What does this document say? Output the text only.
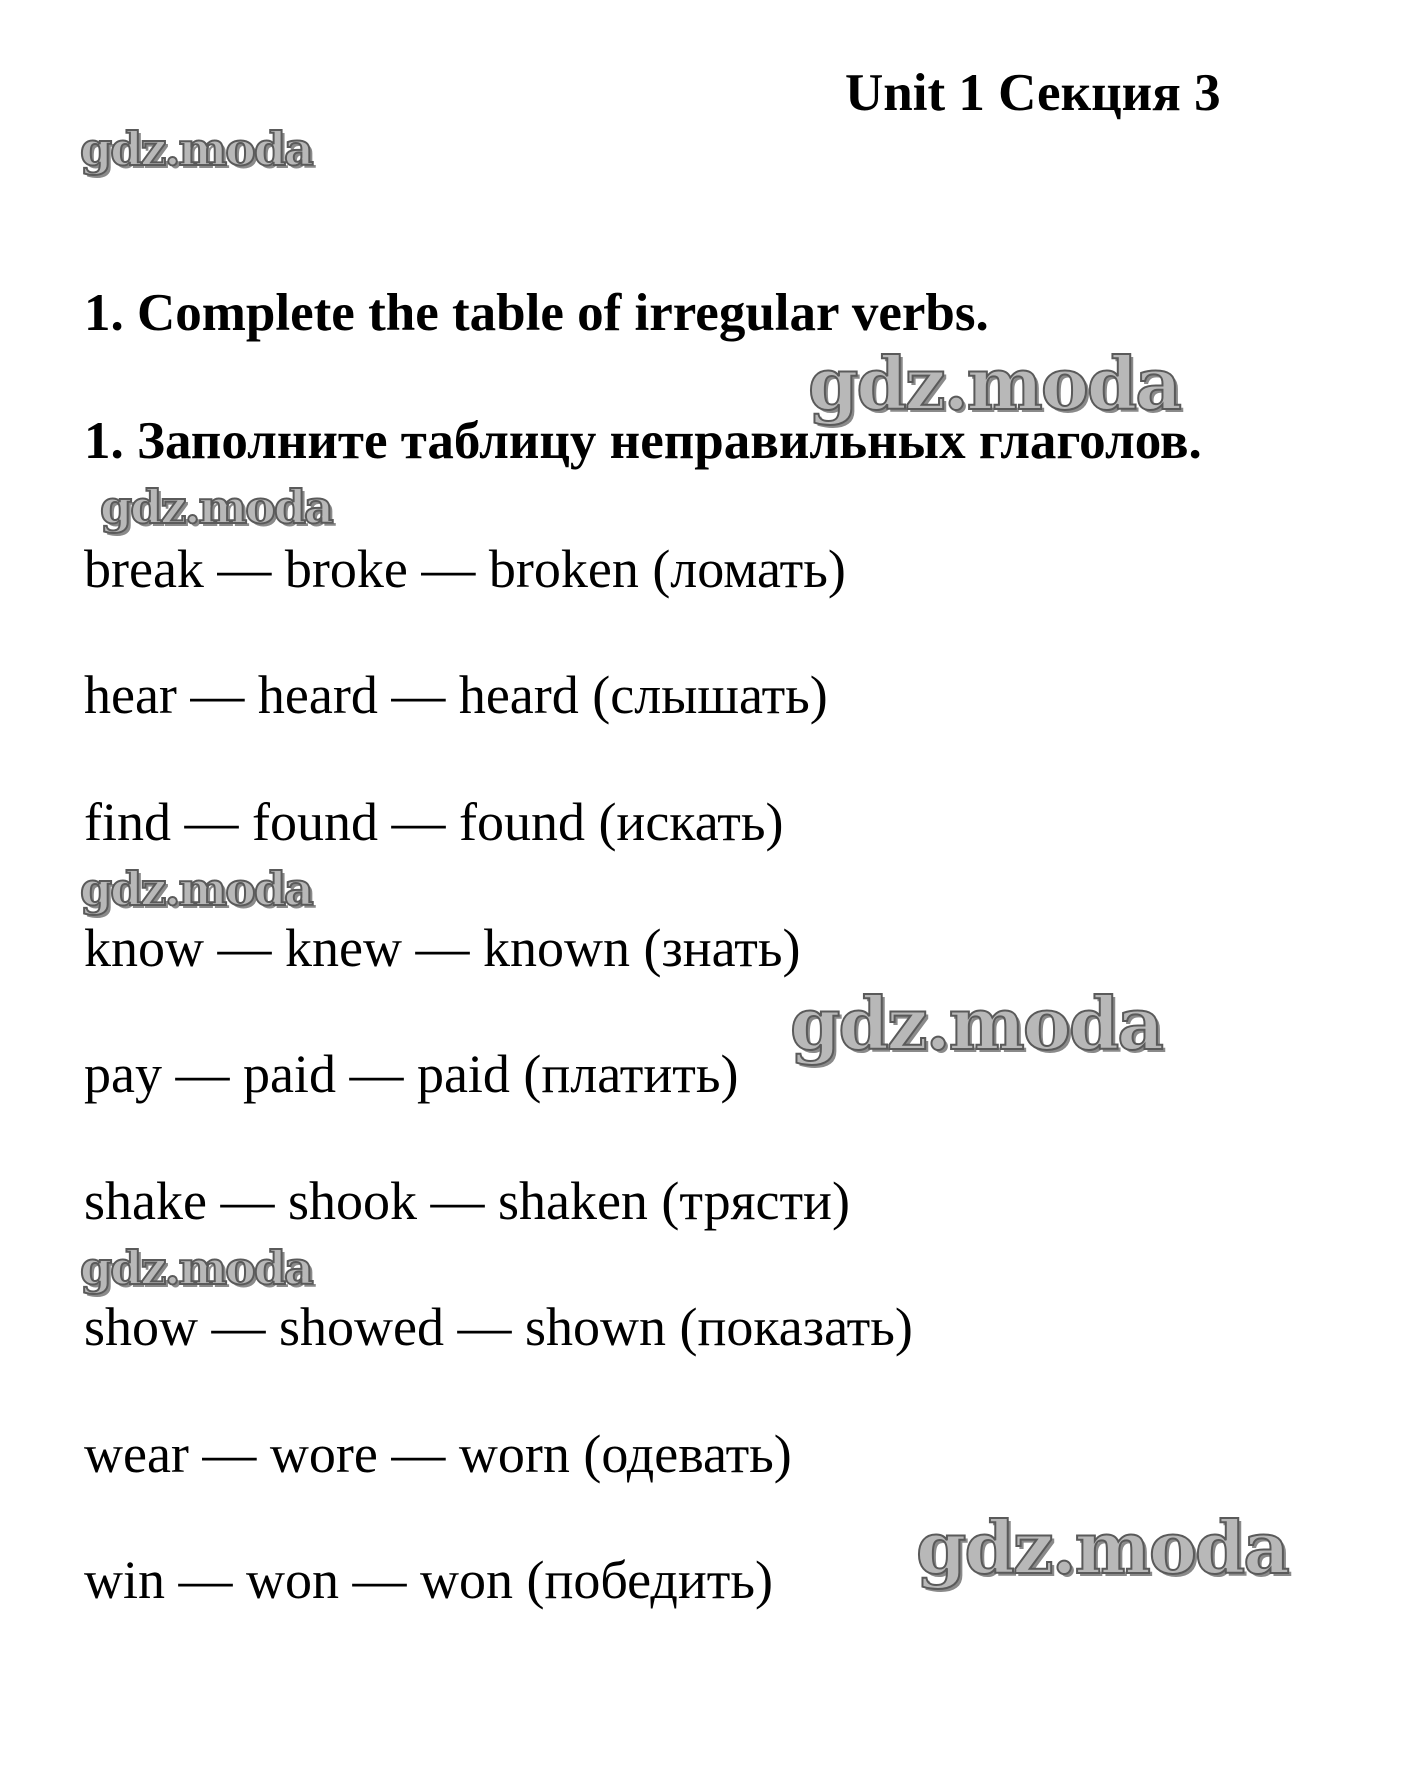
Unit 1 Секция 3
1. Complete the table of irregular verbs.
1. Заполните таблицу неправильных глаголов.
break — broke — broken (ломать)
hear — heard — heard (слышать)
find — found — found (искать)
know — knew — known (знать)
pay — paid — paid (платить)
shake — shook — shaken (трясти)
show — showed — shown (показать)
wear — wore — worn (одевать)
win — won — won (победить)
gdz.moda
gdz.moda
gdz.moda
gdz.moda
gdz.moda
gdz.moda
gdz.moda
